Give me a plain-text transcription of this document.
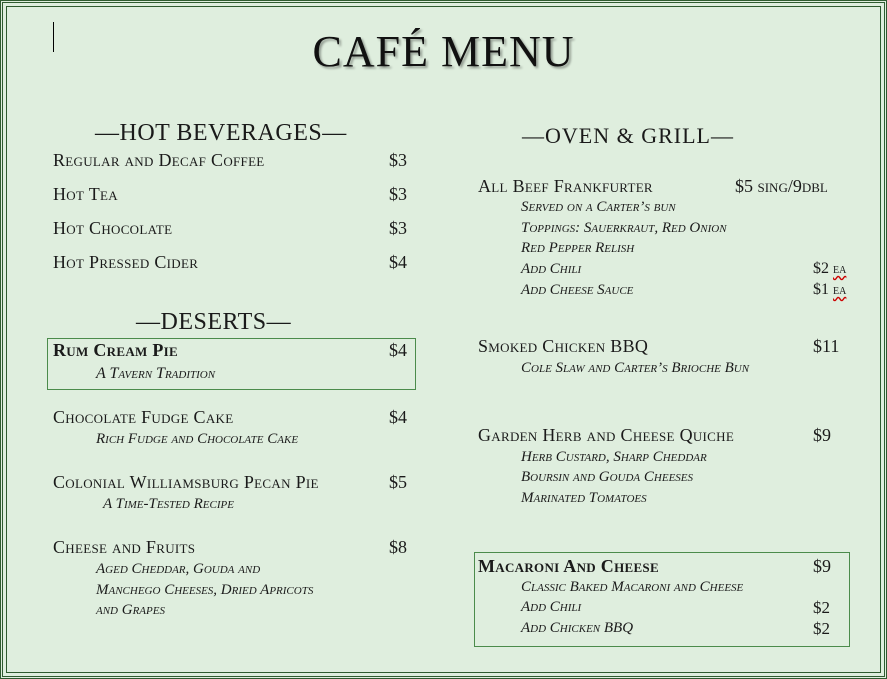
CAFÉ MENU
—HOT BEVERAGES—
Regular and Decaf Coffee	$3
Hot Tea	$3
Hot Chocolate	$3
Hot Pressed Cider	$4
—DESERTS—
Rum Cream Pie	$4
A Tavern Tradition
Chocolate Fudge Cake	$4
Rich Fudge and Chocolate Cake
Colonial Williamsburg Pecan Pie	$5
A Time-Tested Recipe
Cheese and Fruits	$8
Aged Cheddar, Gouda and
Manchego Cheeses, Dried Apricots
and Grapes
—OVEN & GRILL—
All Beef Frankfurter	$5 sing/9dbl
Served on a Carter’s bun
Toppings: Sauerkraut, Red Onion
Red Pepper Relish
Add Chili	$2 ea
Add Cheese Sauce	$1 ea
Smoked Chicken BBQ	$11
Cole Slaw and Carter’s Brioche Bun
Garden Herb and Cheese Quiche	$9
Herb Custard, Sharp Cheddar
Boursin and Gouda Cheeses
Marinated Tomatoes
Macaroni And Cheese	$9
Classic Baked Macaroni and Cheese
Add Chili	$2
Add Chicken BBQ	$2
